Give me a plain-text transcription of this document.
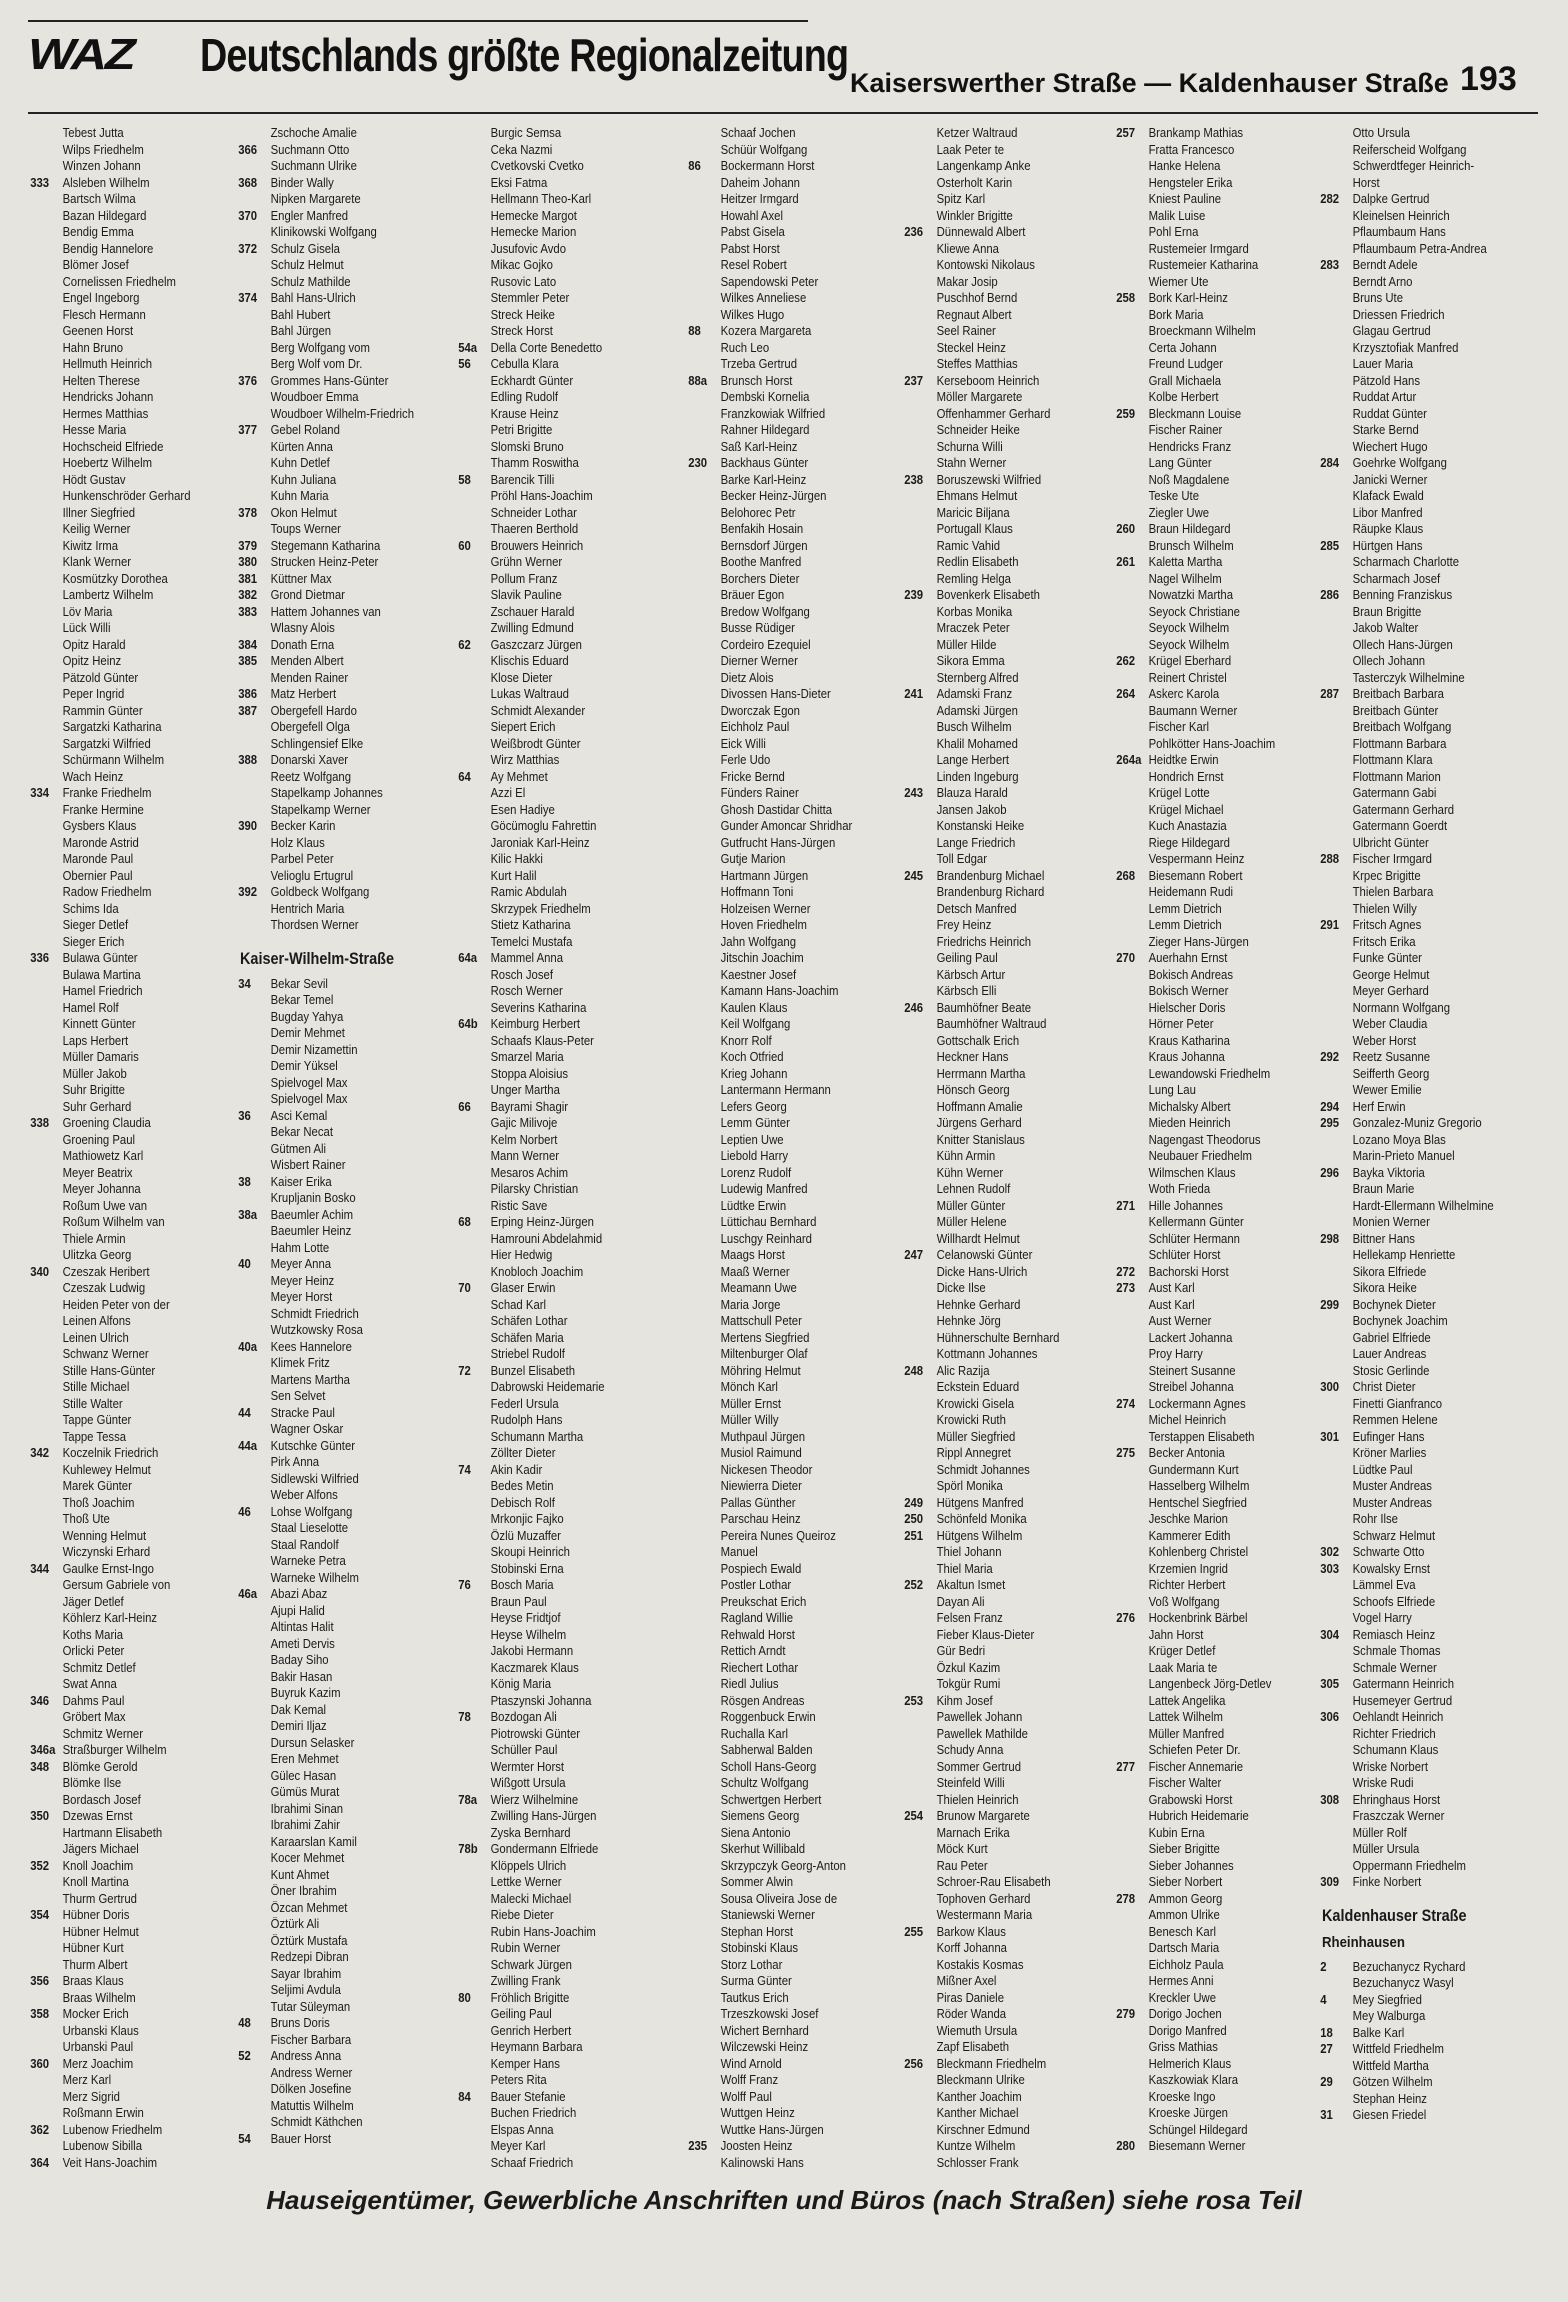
WAZ Deutschlands größte Regionalzeitung
Kaiserswerther Straße — Kaldenhauser Straße 193
Tebest Jutta
Wilps Friedhelm
Winzen Johann
333 Alsleben Wilhelm
Bartsch Wilma
Bazan Hildegard
Bendig Emma
Bendig Hannelore
Blömer Josef
Cornelissen Friedhelm
Engel Ingeborg
Flesch Hermann
Geenen Horst
Hahn Bruno
Hellmuth Heinrich
Helten Therese
Hendricks Johann
Hermes Matthias
Hesse Maria
Hochscheid Elfriede
Hoebertz Wilhelm
Hödt Gustav
Hunkenschröder Gerhard
Illner Siegfried
Keilig Werner
Kiwitz Irma
Klank Werner
Kosmützky Dorothea
Lambertz Wilhelm
Löv Maria
Lück Willi
Opitz Harald
Opitz Heinz
Pätzold Günter
Peper Ingrid
Rammin Günter
Sargatzki Katharina
Sargatzki Wilfried
Schürmann Wilhelm
Wach Heinz
334 Franke Friedhelm
Franke Hermine
Gysbers Klaus
Maronde Astrid
Maronde Paul
Obernier Paul
Radow Friedhelm
Schims Ida
Sieger Detlef
Sieger Erich
336 Bulawa Günter
Bulawa Martina
Hamel Friedrich
Hamel Rolf
Kinnett Günter
Laps Herbert
Müller Damaris
Müller Jakob
Suhr Brigitte
Suhr Gerhard
338 Groening Claudia
Groening Paul
Mathiowetz Karl
Meyer Beatrix
Meyer Johanna
Roßum Uwe van
Roßum Wilhelm van
Thiele Armin
Ulitzka Georg
340 Czeszak Heribert
Czeszak Ludwig
Heiden Peter von der
Leinen Alfons
Leinen Ulrich
Schwanz Werner
Stille Hans-Günter
Stille Michael
Stille Walter
Tappe Günter
Tappe Tessa
342 Koczelnik Friedrich
Kuhlewey Helmut
Marek Günter
Thoß Joachim
Thoß Ute
Wenning Helmut
Wiczynski Erhard
344 Gaulke Ernst-Ingo
Gersum Gabriele von
Jäger Detlef
Köhlerz Karl-Heinz
Koths Maria
Orlicki Peter
Schmitz Detlef
Swat Anna
346 Dahms Paul
Gröbert Max
Schmitz Werner
346a Straßburger Wilhelm
348 Blömke Gerold
Blömke Ilse
Bordasch Josef
350 Dzewas Ernst
Hartmann Elisabeth
Jägers Michael
352 Knoll Joachim
Knoll Martina
Thurm Gertrud
354 Hübner Doris
Hübner Helmut
Hübner Kurt
Thurm Albert
356 Braas Klaus
Braas Wilhelm
358 Mocker Erich
Urbanski Klaus
Urbanski Paul
360 Merz Joachim
Merz Karl
Merz Sigrid
Roßmann Erwin
362 Lubenow Friedhelm
Lubenow Sibilla
364 Veit Hans-Joachim
Zschoche Amalie
366 Suchmann Otto
Suchmann Ulrike
368 Binder Wally
Nipken Margarete
370 Engler Manfred
Klinikowski Wolfgang
372 Schulz Gisela
Schulz Helmut
Schulz Mathilde
374 Bahl Hans-Ulrich
Bahl Hubert
Bahl Jürgen
Berg Wolfgang vom
Berg Wolf vom Dr.
376 Grommes Hans-Günter
Woudboer Emma
Woudboer Wilhelm-Friedrich
377 Gebel Roland
Kürten Anna
Kuhn Detlef
Kuhn Juliana
Kuhn Maria
378 Okon Helmut
Toups Werner
379 Stegemann Katharina
380 Strucken Heinz-Peter
381 Küttner Max
382 Grond Dietmar
383 Hattem Johannes van
Wlasny Alois
384 Donath Erna
385 Menden Albert
Menden Rainer
386 Matz Herbert
387 Obergefell Hardo
Obergefell Olga
Schlingensief Elke
388 Donarski Xaver
Reetz Wolfgang
Stapelkamp Johannes
Stapelkamp Werner
390 Becker Karin
Holz Klaus
Parbel Peter
Velioglu Ertugrul
392 Goldbeck Wolfgang
Hentrich Maria
Thordsen Werner
Kaiser-Wilhelm-Straße
34 Bekar Sevil
Bekar Temel
Bugday Yahya
Demir Mehmet
Demir Nizamettin
Demir Yüksel
Spielvogel Max
Spielvogel Max
36 Asci Kemal
Bekar Necat
Gütmen Ali
Wisbert Rainer
38 Kaiser Erika
Krupljanin Bosko
38a Baeumler Achim
Baeumler Heinz
Hahm Lotte
40 Meyer Anna
Meyer Heinz
Meyer Horst
Schmidt Friedrich
Wutzkowsky Rosa
40a Kees Hannelore
Klimek Fritz
Martens Martha
Sen Selvet
44 Stracke Paul
Wagner Oskar
44a Kutschke Günter
Pirk Anna
Sidlewski Wilfried
Weber Alfons
46 Lohse Wolfgang
Staal Lieselotte
Staal Randolf
Warneke Petra
Warneke Wilhelm
46a Abazi Abaz
Ajupi Halid
Altintas Halit
Ameti Dervis
Baday Siho
Bakir Hasan
Buyruk Kazim
Dak Kemal
Demiri Iljaz
Dursun Selasker
Eren Mehmet
Gülec Hasan
Gümüs Murat
Ibrahimi Sinan
Ibrahimi Zahir
Karaarslan Kamil
Kocer Mehmet
Kunt Ahmet
Öner Ibrahim
Özcan Mehmet
Öztürk Ali
Öztürk Mustafa
Redzepi Dibran
Sayar Ibrahim
Seljimi Avdula
Tutar Süleyman
48 Bruns Doris
Fischer Barbara
52 Andress Anna
Andress Werner
Dölken Josefine
Matuttis Wilhelm
Schmidt Käthchen
54 Bauer Horst
Burgic Semsa
Ceka Nazmi
Cvetkovski Cvetko
Eksi Fatma
Hellmann Theo-Karl
Hemecke Margot
Hemecke Marion
Jusufovic Avdo
Mikac Gojko
Rusovic Lato
Stemmler Peter
Streck Heike
Streck Horst
54a Della Corte Benedetto
56 Cebulla Klara
Eckhardt Günter
Edling Rudolf
Krause Heinz
Petri Brigitte
Slomski Bruno
Thamm Roswitha
58 Barencik Tilli
Pröhl Hans-Joachim
Schneider Lothar
Thaeren Berthold
60 Brouwers Heinrich
Grühn Werner
Pollum Franz
Slavik Pauline
Zschauer Harald
Zwilling Edmund
62 Gaszczarz Jürgen
Klischis Eduard
Klose Dieter
Lukas Waltraud
Schmidt Alexander
Siepert Erich
Weißbrodt Günter
Wirz Matthias
64 Ay Mehmet
Azzi El
Esen Hadiye
Göcümoglu Fahrettin
Jaroniak Karl-Heinz
Kilic Hakki
Kurt Halil
Ramic Abdulah
Skrzypek Friedhelm
Stietz Katharina
Temelci Mustafa
64a Mammel Anna
Rosch Josef
Rosch Werner
Severins Katharina
64b Keimburg Herbert
Schaafs Klaus-Peter
Smarzel Maria
Stoppa Aloisius
Unger Martha
66 Bayrami Shagir
Gajic Milivoje
Kelm Norbert
Mann Werner
Mesaros Achim
Pilarsky Christian
Ristic Save
68 Erping Heinz-Jürgen
Hamrouni Abdelahmid
Hier Hedwig
Knobloch Joachim
70 Glaser Erwin
Schad Karl
Schäfen Lothar
Schäfen Maria
Striebel Rudolf
72 Bunzel Elisabeth
Dabrowski Heidemarie
Federl Ursula
Rudolph Hans
Schumann Martha
Zöllter Dieter
74 Akin Kadir
Bedes Metin
Debisch Rolf
Mrkonjic Fajko
Özlü Muzaffer
Skoupi Heinrich
Stobinski Erna
76 Bosch Maria
Braun Paul
Heyse Fridtjof
Heyse Wilhelm
Jakobi Hermann
Kaczmarek Klaus
König Maria
Ptaszynski Johanna
78 Bozdogan Ali
Piotrowski Günter
Schüller Paul
Wermter Horst
Wißgott Ursula
78a Wierz Wilhelmine
Zwilling Hans-Jürgen
Zyska Bernhard
78b Gondermann Elfriede
Klöppels Ulrich
Lettke Werner
Malecki Michael
Riebe Dieter
Rubin Hans-Joachim
Rubin Werner
Schwark Jürgen
Zwilling Frank
80 Fröhlich Brigitte
Geiling Paul
Genrich Herbert
Heymann Barbara
Kemper Hans
Peters Rita
84 Bauer Stefanie
Buchen Friedrich
Elspas Anna
Meyer Karl
Schaaf Friedrich
Schaaf Jochen
Schüür Wolfgang
86 Bockermann Horst
Daheim Johann
Heitzer Irmgard
Howahl Axel
Pabst Gisela
Pabst Horst
Resel Robert
Sapendowski Peter
Wilkes Anneliese
Wilkes Hugo
88 Kozera Margareta
Ruch Leo
Trzeba Gertrud
88a Brunsch Horst
Dembski Kornelia
Franzkowiak Wilfried
Rahner Hildegard
Saß Karl-Heinz
230 Backhaus Günter
Barke Karl-Heinz
Becker Heinz-Jürgen
Belohorec Petr
Benfakih Hosain
Bernsdorf Jürgen
Boothe Manfred
Borchers Dieter
Bräuer Egon
Bredow Wolfgang
Busse Rüdiger
Cordeiro Ezequiel
Dierner Werner
Dietz Alois
Divossen Hans-Dieter
Dworczak Egon
Eichholz Paul
Eick Willi
Ferle Udo
Fricke Bernd
Fünders Rainer
Ghosh Dastidar Chitta
Gunder Amoncar Shridhar
Gutfrucht Hans-Jürgen
Gutje Marion
Hartmann Jürgen
Hoffmann Toni
Holzeisen Werner
Hoven Friedhelm
Jahn Wolfgang
Jitschin Joachim
Kaestner Josef
Kamann Hans-Joachim
Kaulen Klaus
Keil Wolfgang
Knorr Rolf
Koch Otfried
Krieg Johann
Lantermann Hermann
Lefers Georg
Lemm Günter
Leptien Uwe
Liebold Harry
Lorenz Rudolf
Ludewig Manfred
Lüdtke Erwin
Lüttichau Bernhard
Luschgy Reinhard
Maags Horst
Maaß Werner
Meamann Uwe
Maria Jorge
Mattschull Peter
Mertens Siegfried
Miltenburger Olaf
Möhring Helmut
Mönch Karl
Müller Ernst
Müller Willy
Muthpaul Jürgen
Musiol Raimund
Nickesen Theodor
Niewierra Dieter
Pallas Günther
Parschau Heinz
Pereira Nunes Queiroz
Manuel
Pospiech Ewald
Postler Lothar
Preukschat Erich
Ragland Willie
Rehwald Horst
Rettich Arndt
Riechert Lothar
Riedl Julius
Rösgen Andreas
Roggenbuck Erwin
Ruchalla Karl
Sabherwal Balden
Scholl Hans-Georg
Schultz Wolfgang
Schwertgen Herbert
Siemens Georg
Siena Antonio
Skerhut Willibald
Skrzypczyk Georg-Anton
Sommer Alwin
Sousa Oliveira Jose de
Staniewski Werner
Stephan Horst
Stobinski Klaus
Storz Lothar
Surma Günter
Tautkus Erich
Trzeszkowski Josef
Wichert Bernhard
Wilczewski Heinz
Wind Arnold
Wolff Franz
Wolff Paul
Wuttgen Heinz
Wuttke Hans-Jürgen
235 Joosten Heinz
Kalinowski Hans
Ketzer Waltraud
Laak Peter te
Langenkamp Anke
Osterholt Karin
Spitz Karl
Winkler Brigitte
236 Dünnewald Albert
Kliewe Anna
Kontowski Nikolaus
Makar Josip
Puschhof Bernd
Regnaut Albert
Seel Rainer
Steckel Heinz
Steffes Matthias
237 Kerseboom Heinrich
Möller Margarete
Offenhammer Gerhard
Schneider Heike
Schurna Willi
Stahn Werner
238 Boruszewski Wilfried
Ehmans Helmut
Maricic Biljana
Portugall Klaus
Ramic Vahid
Redlin Elisabeth
Remling Helga
239 Bovenkerk Elisabeth
Korbas Monika
Mraczek Peter
Müller Hilde
Sikora Emma
Sternberg Alfred
241 Adamski Franz
Adamski Jürgen
Busch Wilhelm
Khalil Mohamed
Lange Herbert
Linden Ingeburg
243 Blauza Harald
Jansen Jakob
Konstanski Heike
Lange Friedrich
Toll Edgar
245 Brandenburg Michael
Brandenburg Richard
Detsch Manfred
Frey Heinz
Friedrichs Heinrich
Geiling Paul
Kärbsch Artur
Kärbsch Elli
246 Baumhöfner Beate
Baumhöfner Waltraud
Gottschalk Erich
Heckner Hans
Herrmann Martha
Hönsch Georg
Hoffmann Amalie
Jürgens Gerhard
Knitter Stanislaus
Kühn Armin
Kühn Werner
Lehnen Rudolf
Müller Günter
Müller Helene
Willhardt Helmut
247 Celanowski Günter
Dicke Hans-Ulrich
Dicke Ilse
Hehnke Gerhard
Hehnke Jörg
Hühnerschulte Bernhard
Kottmann Johannes
248 Alic Razija
Eckstein Eduard
Krowicki Gisela
Krowicki Ruth
Müller Siegfried
Rippl Annegret
Schmidt Johannes
Spörl Monika
249 Hütgens Manfred
250 Schönfeld Monika
251 Hütgens Wilhelm
Thiel Johann
Thiel Maria
252 Akaltun Ismet
Dayan Ali
Felsen Franz
Fieber Klaus-Dieter
Gür Bedri
Özkul Kazim
Tokgür Rumi
253 Kihm Josef
Pawellek Johann
Pawellek Mathilde
Schudy Anna
Sommer Gertrud
Steinfeld Willi
Thielen Heinrich
254 Brunow Margarete
Marnach Erika
Möck Kurt
Rau Peter
Schroer-Rau Elisabeth
Tophoven Gerhard
Westermann Maria
255 Barkow Klaus
Korff Johanna
Kostakis Kosmas
Mißner Axel
Piras Daniele
Röder Wanda
Wiemuth Ursula
Zapf Elisabeth
256 Bleckmann Friedhelm
Bleckmann Ulrike
Kanther Joachim
Kanther Michael
Kirschner Edmund
Kuntze Wilhelm
Schlosser Frank
257 Brankamp Mathias
Fratta Francesco
Hanke Helena
Hengsteler Erika
Kniest Pauline
Malik Luise
Pohl Erna
Rustemeier Irmgard
Rustemeier Katharina
Wiemer Ute
258 Bork Karl-Heinz
Bork Maria
Broeckmann Wilhelm
Certa Johann
Freund Ludger
Grall Michaela
Kolbe Herbert
259 Bleckmann Louise
Fischer Rainer
Hendricks Franz
Lang Günter
Noß Magdalene
Teske Ute
Ziegler Uwe
260 Braun Hildegard
Brunsch Wilhelm
261 Kaletta Martha
Nagel Wilhelm
Nowatzki Martha
Seyock Christiane
Seyock Wilhelm
Seyock Wilhelm
262 Krügel Eberhard
Reinert Christel
264 Askerc Karola
Baumann Werner
Fischer Karl
Pohlkötter Hans-Joachim
264a Heidtke Erwin
Hondrich Ernst
Krügel Lotte
Krügel Michael
Kuch Anastazia
Riege Hildegard
Vespermann Heinz
268 Biesemann Robert
Heidemann Rudi
Lemm Dietrich
Lemm Dietrich
Zieger Hans-Jürgen
270 Auerhahn Ernst
Bokisch Andreas
Bokisch Werner
Hielscher Doris
Hörner Peter
Kraus Katharina
Kraus Johanna
Lewandowski Friedhelm
Lung Lau
Michalsky Albert
Mieden Heinrich
Nagengast Theodorus
Neubauer Friedhelm
Wilmschen Klaus
Woth Frieda
271 Hille Johannes
Kellermann Günter
Schlüter Hermann
Schlüter Horst
272 Bachorski Horst
273 Aust Karl
Aust Karl
Aust Werner
Lackert Johanna
Proy Harry
Steinert Susanne
Streibel Johanna
274 Lockermann Agnes
Michel Heinrich
Terstappen Elisabeth
275 Becker Antonia
Gundermann Kurt
Hasselberg Wilhelm
Hentschel Siegfried
Jeschke Marion
Kammerer Edith
Kohlenberg Christel
Krzemien Ingrid
Richter Herbert
Voß Wolfgang
276 Hockenbrink Bärbel
Jahn Horst
Krüger Detlef
Laak Maria te
Langenbeck Jörg-Detlev
Lattek Angelika
Lattek Wilhelm
Müller Manfred
Schiefen Peter Dr.
277 Fischer Annemarie
Fischer Walter
Grabowski Horst
Hubrich Heidemarie
Kubin Erna
Sieber Brigitte
Sieber Johannes
Sieber Norbert
278 Ammon Georg
Ammon Ulrike
Benesch Karl
Dartsch Maria
Eichholz Paula
Hermes Anni
Kreckler Uwe
279 Dorigo Jochen
Dorigo Manfred
Griss Mathias
Helmerich Klaus
Kaszkowiak Klara
Kroeske Ingo
Kroeske Jürgen
Schüngel Hildegard
280 Biesemann Werner
Otto Ursula
Reiferscheid Wolfgang
Schwerdtfeger Heinrich-
Horst
282 Dalpke Gertrud
Kleinelsen Heinrich
Pflaumbaum Hans
Pflaumbaum Petra-Andrea
283 Berndt Adele
Berndt Arno
Bruns Ute
Driessen Friedrich
Glagau Gertrud
Krzysztofiak Manfred
Lauer Maria
Pätzold Hans
Ruddat Artur
Ruddat Günter
Starke Bernd
Wiechert Hugo
284 Goehrke Wolfgang
Janicki Werner
Klafack Ewald
Libor Manfred
Räupke Klaus
285 Hürtgen Hans
Scharmach Charlotte
Scharmach Josef
286 Benning Franziskus
Braun Brigitte
Jakob Walter
Ollech Hans-Jürgen
Ollech Johann
Tasterczyk Wilhelmine
287 Breitbach Barbara
Breitbach Günter
Breitbach Wolfgang
Flottmann Barbara
Flottmann Klara
Flottmann Marion
Gatermann Gabi
Gatermann Gerhard
Gatermann Goerdt
Ulbricht Günter
288 Fischer Irmgard
Krpec Brigitte
Thielen Barbara
Thielen Willy
291 Fritsch Agnes
Fritsch Erika
Funke Günter
George Helmut
Meyer Gerhard
Normann Wolfgang
Weber Claudia
Weber Horst
292 Reetz Susanne
Seifferth Georg
Wewer Emilie
294 Herf Erwin
295 Gonzalez-Muniz Gregorio
Lozano Moya Blas
Marin-Prieto Manuel
296 Bayka Viktoria
Braun Marie
Hardt-Ellermann Wilhelmine
Monien Werner
298 Bittner Hans
Hellekamp Henriette
Sikora Elfriede
Sikora Heike
299 Bochynek Dieter
Bochynek Joachim
Gabriel Elfriede
Lauer Andreas
Stosic Gerlinde
300 Christ Dieter
Finetti Gianfranco
Remmen Helene
301 Eufinger Hans
Kröner Marlies
Lüdtke Paul
Muster Andreas
Muster Andreas
Rohr Ilse
Schwarz Helmut
302 Schwarte Otto
303 Kowalsky Ernst
Lämmel Eva
Schoofs Elfriede
Vogel Harry
304 Remiasch Heinz
Schmale Thomas
Schmale Werner
305 Gatermann Heinrich
Husemeyer Gertrud
306 Oehlandt Heinrich
Richter Friedrich
Schumann Klaus
Wriske Norbert
Wriske Rudi
308 Ehringhaus Horst
Fraszczak Werner
Müller Rolf
Müller Ursula
Oppermann Friedhelm
309 Finke Norbert
Kaldenhauser Straße
Rheinhausen
2 Bezuchanycz Rychard
Bezuchanycz Wasyl
4 Mey Siegfried
Mey Walburga
18 Balke Karl
27 Wittfeld Friedhelm
Wittfeld Martha
29 Götzen Wilhelm
Stephan Heinz
31 Giesen Friedel
Hauseigentümer, Gewerbliche Anschriften und Büros (nach Straßen) siehe rosa Teil
